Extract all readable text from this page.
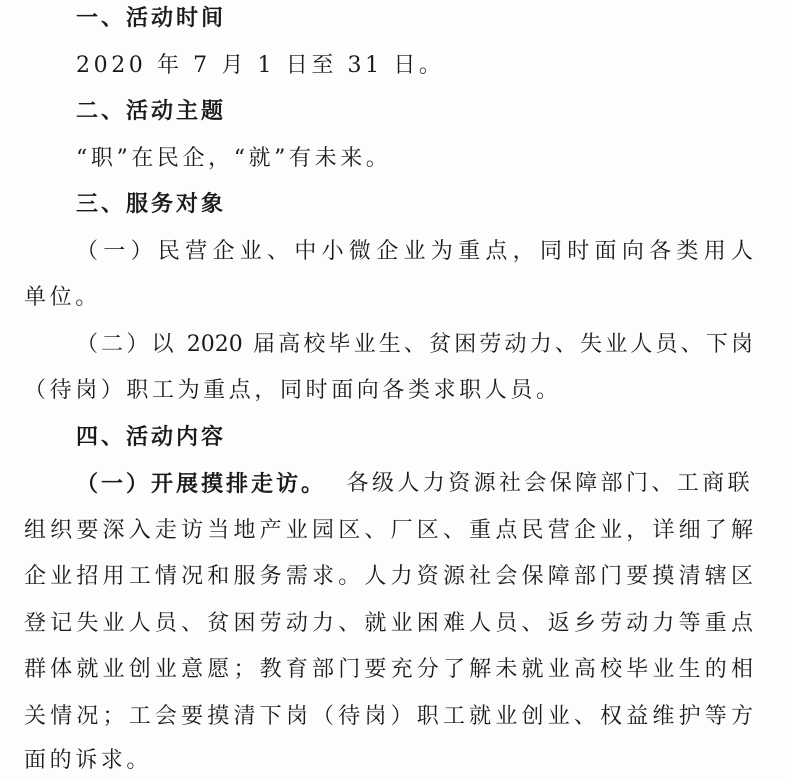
一、活动时间
2020 年 7 月 1 日至 31 日。
二、活动主题
“职”在民企，“就”有未来。
三、服务对象
（一）民营企业、中小微企业为重点，同时面向各类用人
单位。
（二）以 2020 届高校毕业生、贫困劳动力、失业人员、下岗
（待岗）职工为重点，同时面向各类求职人员。
四、活动内容
（一）开展摸排走访。 各级人力资源社会保障部门、工商联
组织要深入走访当地产业园区、厂区、重点民营企业，详细了解
企业招用工情况和服务需求。人力资源社会保障部门要摸清辖区
登记失业人员、贫困劳动力、就业困难人员、返乡劳动力等重点
群体就业创业意愿；教育部门要充分了解未就业高校毕业生的相
关情况；工会要摸清下岗（待岗）职工就业创业、权益维护等方
面的诉求。
